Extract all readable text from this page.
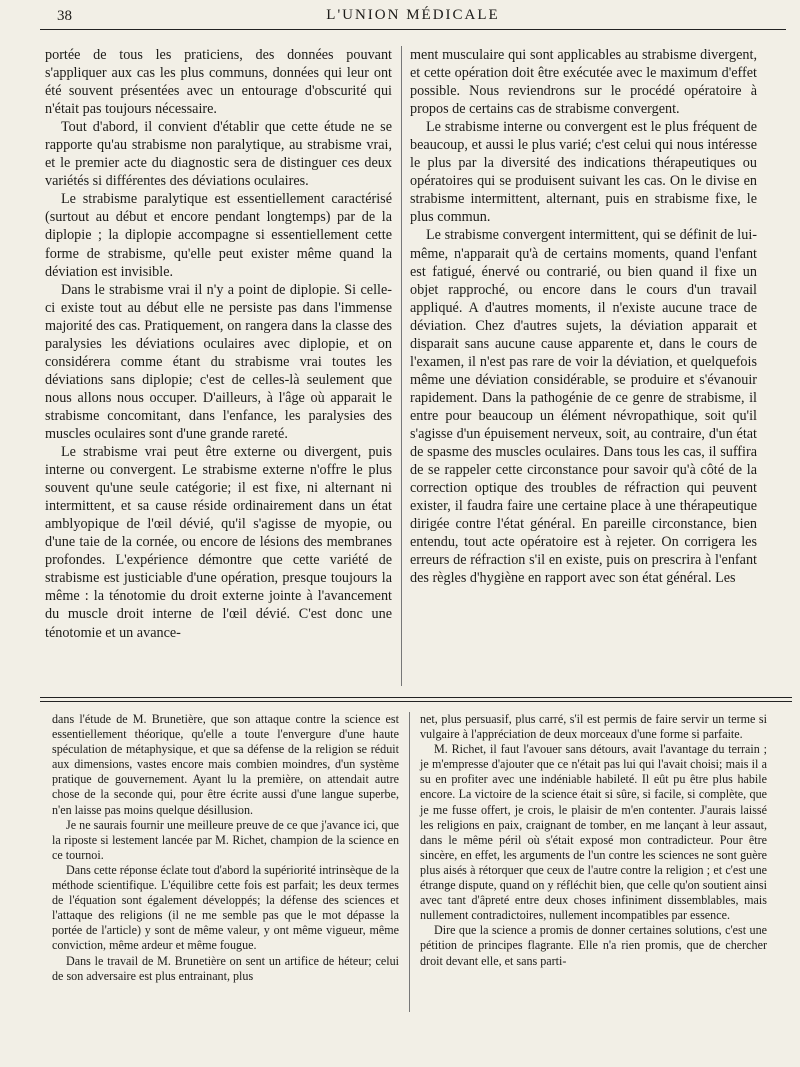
38	L'UNION MÉDICALE

portée de tous les praticiens, des données pouvant s'appliquer aux cas les plus communs, données qui leur ont été souvent présentées avec un entourage d'obscurité qui n'était pas toujours nécessaire.

Tout d'abord, il convient d'établir que cette étude ne se rapporte qu'au strabisme non paralytique, au strabisme vrai, et le premier acte du diagnostic sera de distinguer ces deux variétés si différentes des déviations oculaires.

Le strabisme paralytique est essentiellement caractérisé (surtout au début et encore pendant longtemps) par de la diplopie ; la diplopie accompagne si essentiellement cette forme de strabisme, qu'elle peut exister même quand la déviation est invisible.

Dans le strabisme vrai il n'y a point de diplopie. Si celle-ci existe tout au début elle ne persiste pas dans l'immense majorité des cas. Pratiquement, on rangera dans la classe des paralysies les déviations oculaires avec diplopie, et on considérera comme étant du strabisme vrai toutes les déviations sans diplopie; c'est de celles-là seulement que nous allons nous occuper. D'ailleurs, à l'âge où apparait le strabisme concomitant, dans l'enfance, les paralysies des muscles oculaires sont d'une grande rareté.

Le strabisme vrai peut être externe ou divergent, puis interne ou convergent. Le strabisme externe n'offre le plus souvent qu'une seule catégorie; il est fixe, ni alternant ni intermittent, et sa cause réside ordinairement dans un état amblyopique de l'œil dévié, qu'il s'agisse de myopie, ou d'une taie de la cornée, ou encore de lésions des membranes profondes. L'expérience démontre que cette variété de strabisme est justiciable d'une opération, presque toujours la même : la ténotomie du droit externe jointe à l'avancement du muscle droit interne de l'œil dévié. C'est donc une ténotomie et un avance-

ment musculaire qui sont applicables au strabisme divergent, et cette opération doit être exécutée avec le maximum d'effet possible. Nous reviendrons sur le procédé opératoire à propos de certains cas de strabisme convergent.

Le strabisme interne ou convergent est le plus fréquent de beaucoup, et aussi le plus varié; c'est celui qui nous intéresse le plus par la diversité des indications thérapeutiques ou opératoires qui se produisent suivant les cas. On le divise en strabisme intermittent, alternant, puis en strabisme fixe, le plus commun.

Le strabisme convergent intermittent, qui se définit de lui-même, n'apparait qu'à de certains moments, quand l'enfant est fatigué, énervé ou contrarié, ou bien quand il fixe un objet rapproché, ou encore dans le cours d'un travail appliqué. A d'autres moments, il n'existe aucune trace de déviation. Chez d'autres sujets, la déviation apparait et disparait sans aucune cause apparente et, dans le cours de l'examen, il n'est pas rare de voir la déviation, et quelquefois même une déviation considérable, se produire et s'évanouir rapidement. Dans la pathogénie de ce genre de strabisme, il entre pour beaucoup un élément névropathique, soit qu'il s'agisse d'un épuisement nerveux, soit, au contraire, d'un état de spasme des muscles oculaires. Dans tous les cas, il suffira de se rappeler cette circonstance pour savoir qu'à côté de la correction optique des troubles de réfraction qui peuvent exister, il faudra faire une certaine place à une thérapeutique dirigée contre l'état général. En pareille circonstance, bien entendu, tout acte opératoire est à rejeter. On corrigera les erreurs de réfraction s'il en existe, puis on prescrira à l'enfant des règles d'hygiène en rapport avec son état général. Les

dans l'étude de M. Brunetière, que son attaque contre la science est essentiellement théorique, qu'elle a toute l'envergure d'une haute spéculation de métaphysique, et que sa défense de la religion se réduit aux dimensions, vastes encore mais combien moindres, d'un système pratique de gouvernement. Ayant lu la première, on attendait autre chose de la seconde qui, pour être écrite aussi d'une langue superbe, n'en laisse pas moins quelque désillusion.

Je ne saurais fournir une meilleure preuve de ce que j'avance ici, que la riposte si lestement lancée par M. Richet, champion de la science en ce tournoi.

Dans cette réponse éclate tout d'abord la supériorité intrinsèque de la méthode scientifique. L'équilibre cette fois est parfait; les deux termes de l'équation sont également développés; la défense des sciences et l'attaque des religions (il ne me semble pas que le mot dépasse la portée de l'article) y sont de même valeur, y ont même vigueur, même conviction, même ardeur et même fougue.

Dans le travail de M. Brunetière on sent un artifice de héteur; celui de son adversaire est plus entrainant, plus

net, plus persuasif, plus carré, s'il est permis de faire servir un terme si vulgaire à l'appréciation de deux morceaux d'une forme si parfaite.

M. Richet, il faut l'avouer sans détours, avait l'avantage du terrain ; je m'empresse d'ajouter que ce n'était pas lui qui l'avait choisi; mais il a su en profiter avec une indéniable habileté. Il eût pu être plus habile encore. La victoire de la science était si sûre, si facile, si complète, que je me fusse offert, je crois, le plaisir de m'en contenter. J'aurais laissé les religions en paix, craignant de tomber, en me lançant à leur assaut, dans le même péril où s'était exposé mon contradicteur. Pour être sincère, en effet, les arguments de l'un contre les sciences ne sont guère plus aisés à rétorquer que ceux de l'autre contre la religion ; et c'est une étrange dispute, quand on y réfléchit bien, que celle qu'on soutient ainsi avec tant d'âpreté entre deux choses infiniment dissemblables, mais nullement contradictoires, nullement incompatibles par essence.

Dire que la science a promis de donner certaines solutions, c'est une pétition de principes flagrante. Elle n'a rien promis, que de chercher droit devant elle, et sans parti-
